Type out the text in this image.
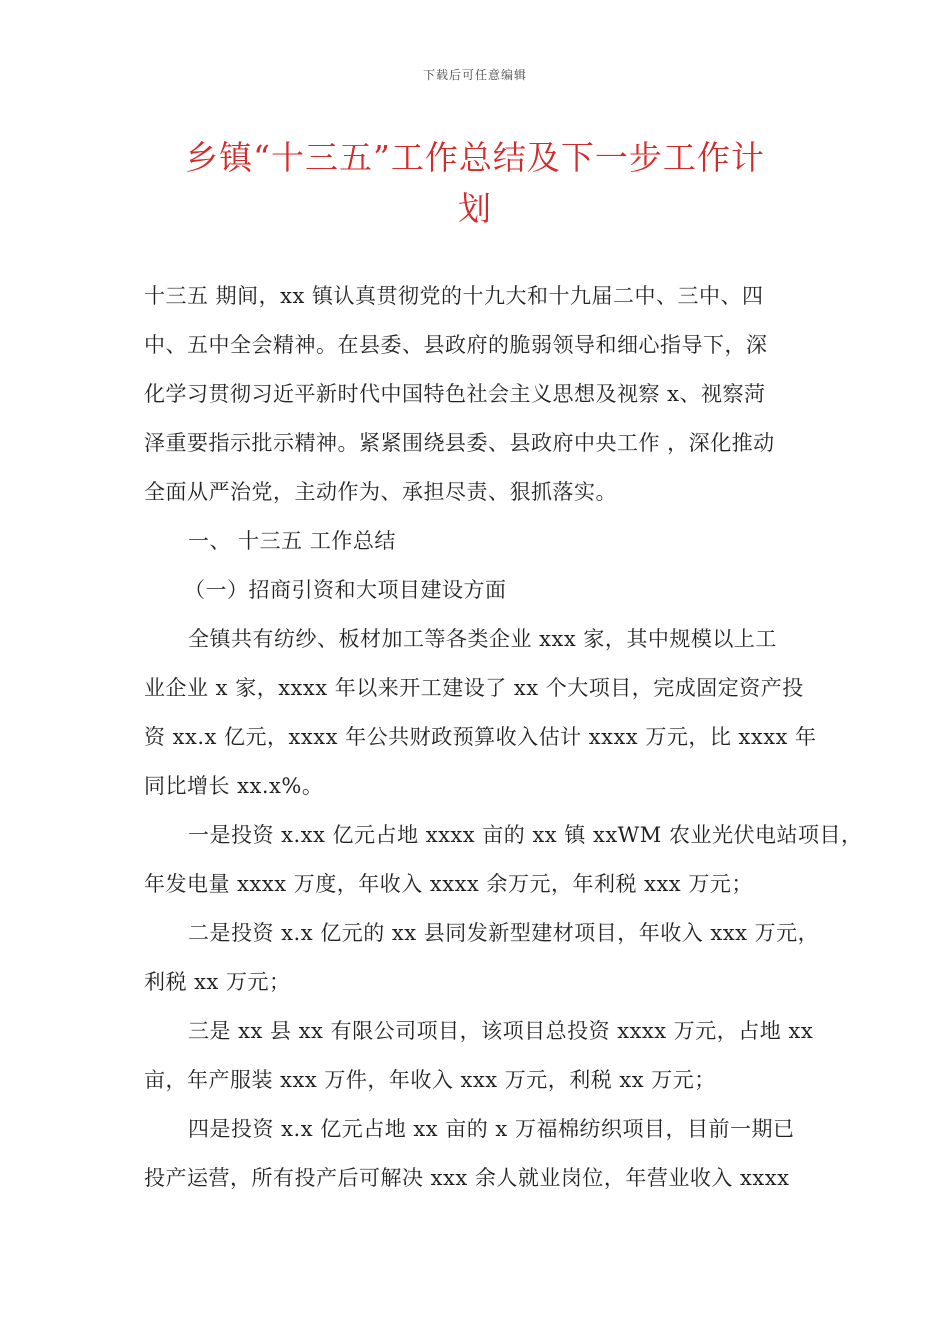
下载后可任意编辑
乡镇“十三五”工作总结及下一步工作计
划
十三五 期间，xx 镇认真贯彻党的十九大和十九届二中、三中、四
中、五中全会精神。在县委、县政府的脆弱领导和细心指导下，深
化学习贯彻习近平新时代中国特色社会主义思想及视察 x、视察菏
泽重要指示批示精神。紧紧围绕县委、县政府中央工作 ，深化推动
全面从严治党，主动作为、承担尽责、狠抓落实。
一、 十三五 工作总结
（一）招商引资和大项目建设方面
全镇共有纺纱、板材加工等各类企业 xxx 家，其中规模以上工
业企业 x 家，xxxx 年以来开工建设了 xx 个大项目，完成固定资产投
资 xx.x 亿元，xxxx 年公共财政预算收入估计 xxxx 万元，比 xxxx 年
同比增长 xx.x%。
一是投资 x.xx 亿元占地 xxxx 亩的 xx 镇 xxWM 农业光伏电站项目，
年发电量 xxxx 万度，年收入 xxxx 余万元，年利税 xxx 万元；
二是投资 x.x 亿元的 xx 县同发新型建材项目，年收入 xxx 万元，
利税 xx 万元；
三是 xx 县 xx 有限公司项目，该项目总投资 xxxx 万元，占地 xx
亩，年产服装 xxx 万件，年收入 xxx 万元，利税 xx 万元；
四是投资 x.x 亿元占地 xx 亩的 x 万福棉纺织项目，目前一期已
投产运营，所有投产后可解决 xxx 余人就业岗位，年营业收入 xxxx
